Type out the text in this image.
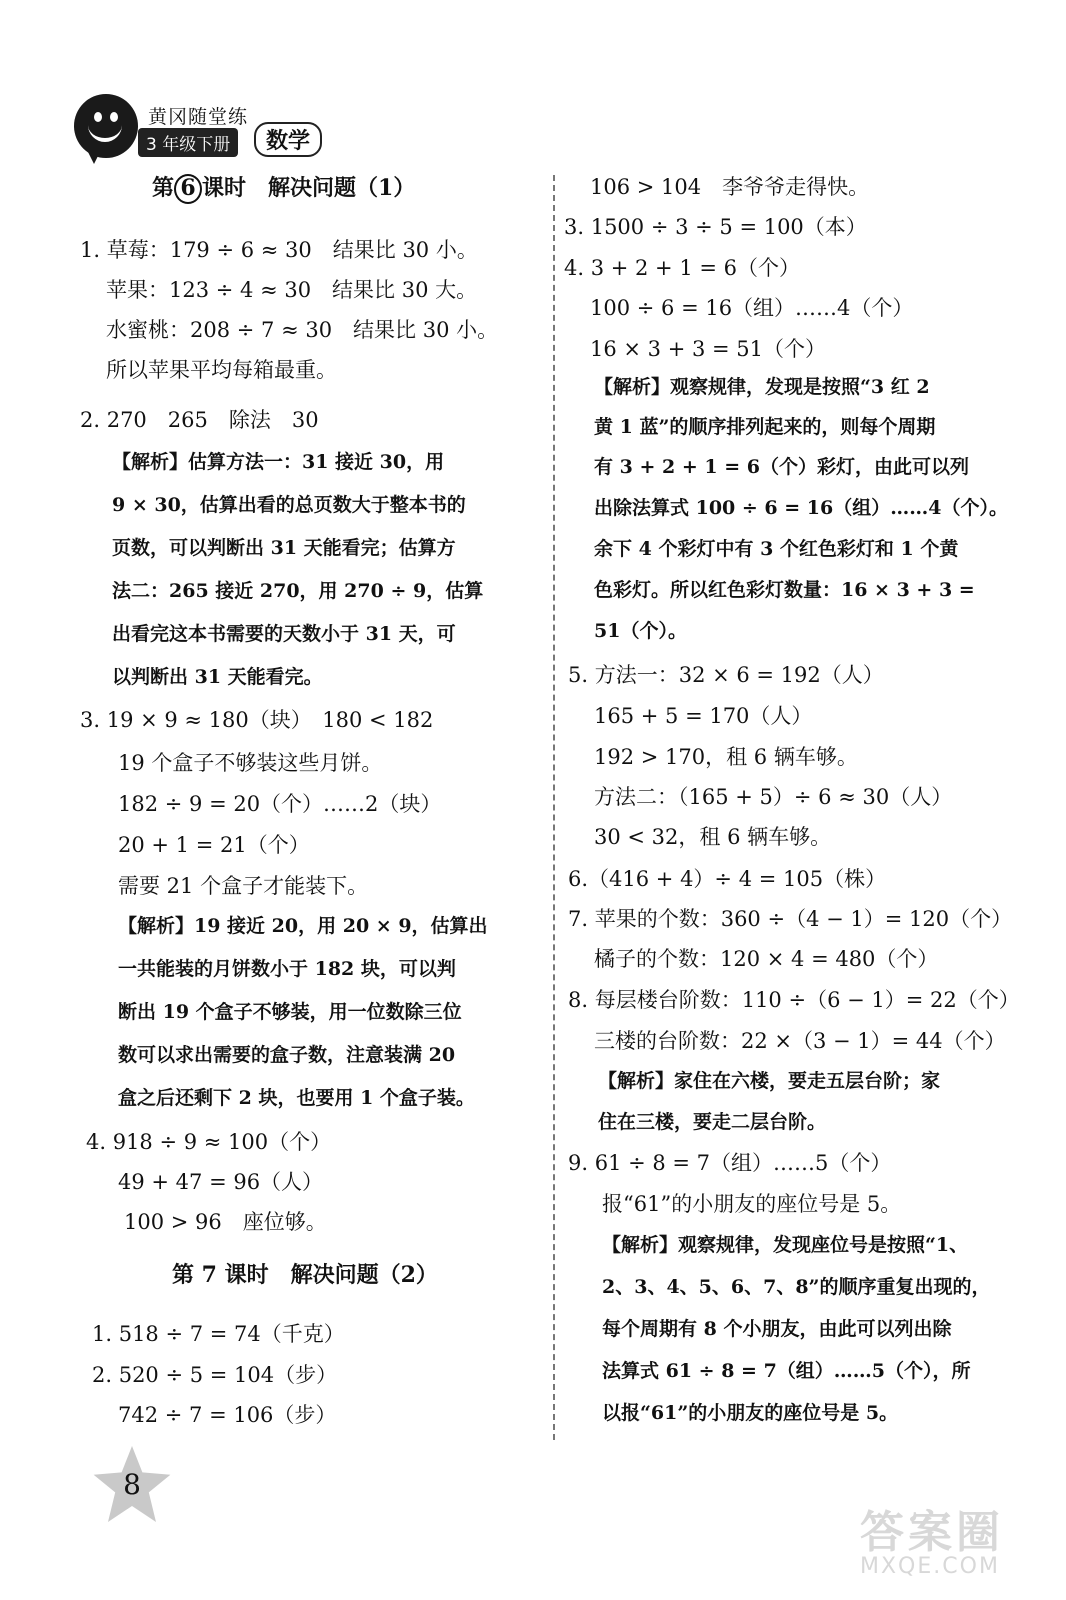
黄冈随堂练
3 年级下册	数学
第 6 课时　解决问题（1）
1. 草莓：179 ÷ 6 ≈ 30　结果比 30 小。
苹果：123 ÷ 4 ≈ 30　结果比 30 大。
水蜜桃：208 ÷ 7 ≈ 30　结果比 30 小。
所以苹果平均每箱最重。
2. 270　265　除法　30
【解析】估算方法一：31 接近 30，用
9 × 30，估算出看的总页数大于整本书的
页数，可以判断出 31 天能看完；估算方
法二：265 接近 270，用 270 ÷ 9，估算
出看完这本书需要的天数小于 31 天，可
以判断出 31 天能看完。
3. 19 × 9 ≈ 180（块）　180 < 182
19 个盒子不够装这些月饼。
182 ÷ 9 = 20（个）……2（块）
20 + 1 = 21（个）
需要 21 个盒子才能装下。
【解析】19 接近 20，用 20 × 9，估算出
一共能装的月饼数小于 182 块，可以判
断出 19 个盒子不够装，用一位数除三位
数可以求出需要的盒子数，注意装满 20
盒之后还剩下 2 块，也要用 1 个盒子装。
4. 918 ÷ 9 ≈ 100（个）
49 + 47 = 96（人）
100 > 96　座位够。
第 7 课时　解决问题（2）
1. 518 ÷ 7 = 74（千克）
2. 520 ÷ 5 = 104（步）
742 ÷ 7 = 106（步）
106 > 104　李爷爷走得快。
3. 1500 ÷ 3 ÷ 5 = 100（本）
4. 3 + 2 + 1 = 6（个）
100 ÷ 6 = 16（组）……4（个）
16 × 3 + 3 = 51（个）
【解析】观察规律，发现是按照“3 红 2
黄 1 蓝”的顺序排列起来的，则每个周期
有 3 + 2 + 1 = 6（个）彩灯，由此可以列
出除法算式 100 ÷ 6 = 16（组）……4（个）。
余下 4 个彩灯中有 3 个红色彩灯和 1 个黄
色彩灯。所以红色彩灯数量：16 × 3 + 3 =
51（个）。
5. 方法一：32 × 6 = 192（人）
165 + 5 = 170（人）
192 > 170，租 6 辆车够。
方法二：（165 + 5）÷ 6 ≈ 30（人）
30 < 32，租 6 辆车够。
6.（416 + 4）÷ 4 = 105（株）
7. 苹果的个数：360 ÷（4 − 1）= 120（个）
橘子的个数：120 × 4 = 480（个）
8. 每层楼台阶数：110 ÷（6 − 1）= 22（个）
三楼的台阶数：22 ×（3 − 1）= 44（个）
【解析】家住在六楼，要走五层台阶；家
住在三楼，要走二层台阶。
9. 61 ÷ 8 = 7（组）……5（个）
报“61”的小朋友的座位号是 5。
【解析】观察规律，发现座位号是按照“1、
2、3、4、5、6、7、8”的顺序重复出现的，
每个周期有 8 个小朋友，由此可以列出除
法算式 61 ÷ 8 = 7（组）……5（个），所
以报“61”的小朋友的座位号是 5。
8
答案圈
MXQE.COM
